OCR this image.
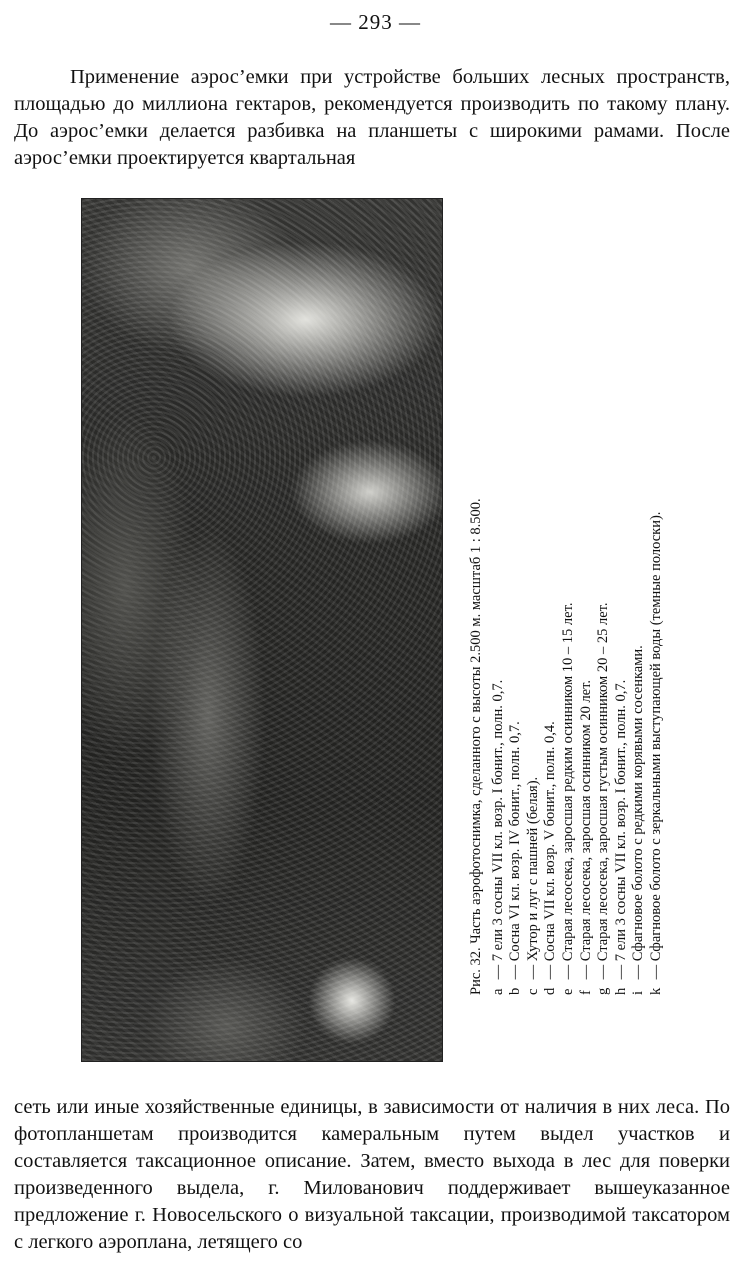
— 293 —

Применение аэрос’емки при устройстве больших лесных пространств, площадью до миллиона гектаров, рекомендуется производить по такому плану. До аэрос’емки делается разбивка на планшеты с широкими рамами. После аэрос’емки проектируется квартальная

Рис. 32. Часть аэрофотоснимка, сделанного с высоты 2.500 м. масштаб 1 : 8.500. a — 7 ели 3 сосны VII кл. возр. I бонит., полн. 0,7.
b — Сосна VI кл. возр. IV бонит., полн. 0,7.
c — Хутор и луг с пашней (белая).
d — Сосна VII кл. возр. V бонит., полн. 0,4.
e — Старая лесосека, заросшая редким осинником 10 – 15 лет.
f — Старая лесосека, заросшая осинником 20 лет.
g — Старая лесосека, заросшая густым осинником 20 – 25 лет.
h — 7 ели 3 сосны VII кл. возр. I бонит., полн. 0,7.
i — Сфагновое болото с редкими корявыми сосенками.
k — Сфагновое болото с зеркальными выступающей воды (темные полоски).

сеть или иные хозяйственные единицы, в зависимости от наличия в них леса. По фотопланшетам производится камеральным путем выдел участков и составляется таксационное описание. Затем, вместо выхода в лес для поверки произведенного выдела, г. Милованович поддерживает вышеуказанное предложение г. Новосельского о визуальной таксации, производимой таксатором с легкого аэроплана, летящего со
